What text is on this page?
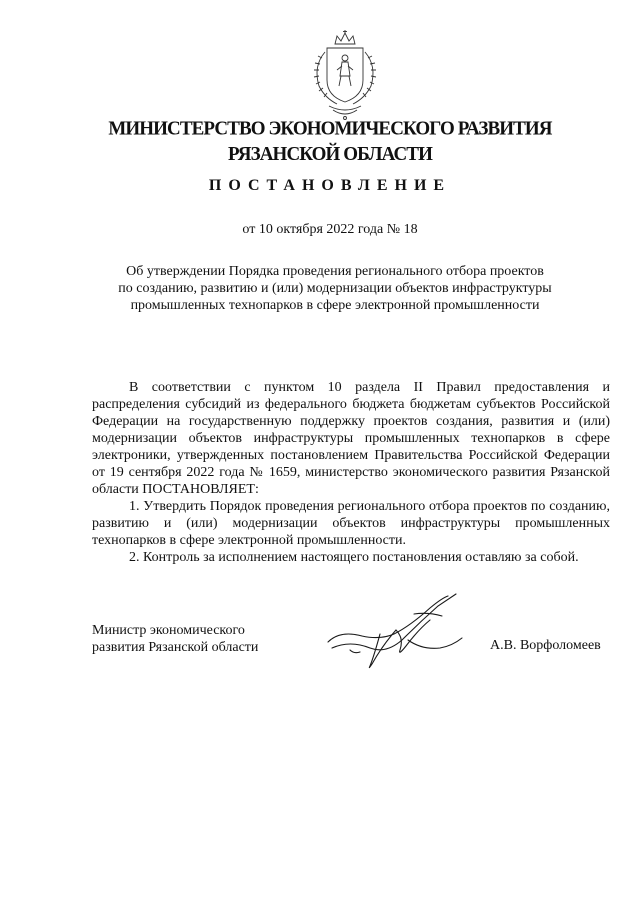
МИНИСТЕРСТВО ЭКОНОМИЧЕСКОГО РАЗВИТИЯ
РЯЗАНСКОЙ ОБЛАСТИ
ПОСТАНОВЛЕНИЕ
от 10 октября 2022 года № 18
Об утверждении Порядка проведения регионального отбора проектов
по созданию, развитию и (или) модернизации объектов инфраструктуры
промышленных технопарков в сфере электронной промышленности

В соответствии с пунктом 10 раздела II Правил предоставления и распределения субсидий из федерального бюджета бюджетам субъектов Российской Федерации на государственную поддержку проектов создания, развития и (или) модернизации объектов инфраструктуры промышленных технопарков в сфере электроники, утвержденных постановлением Правительства Российской Федерации от 19 сентября 2022 года № 1659, министерство экономического развития Рязанской области ПОСТАНОВЛЯЕТ:

1. Утвердить Порядок проведения регионального отбора проектов по созданию, развитию и (или) модернизации объектов инфраструктуры промышленных технопарков в сфере электронной промышленности.

2. Контроль за исполнением настоящего постановления оставляю за собой.

Министр экономического
развития Рязанской области	А.В. Ворфоломеев
